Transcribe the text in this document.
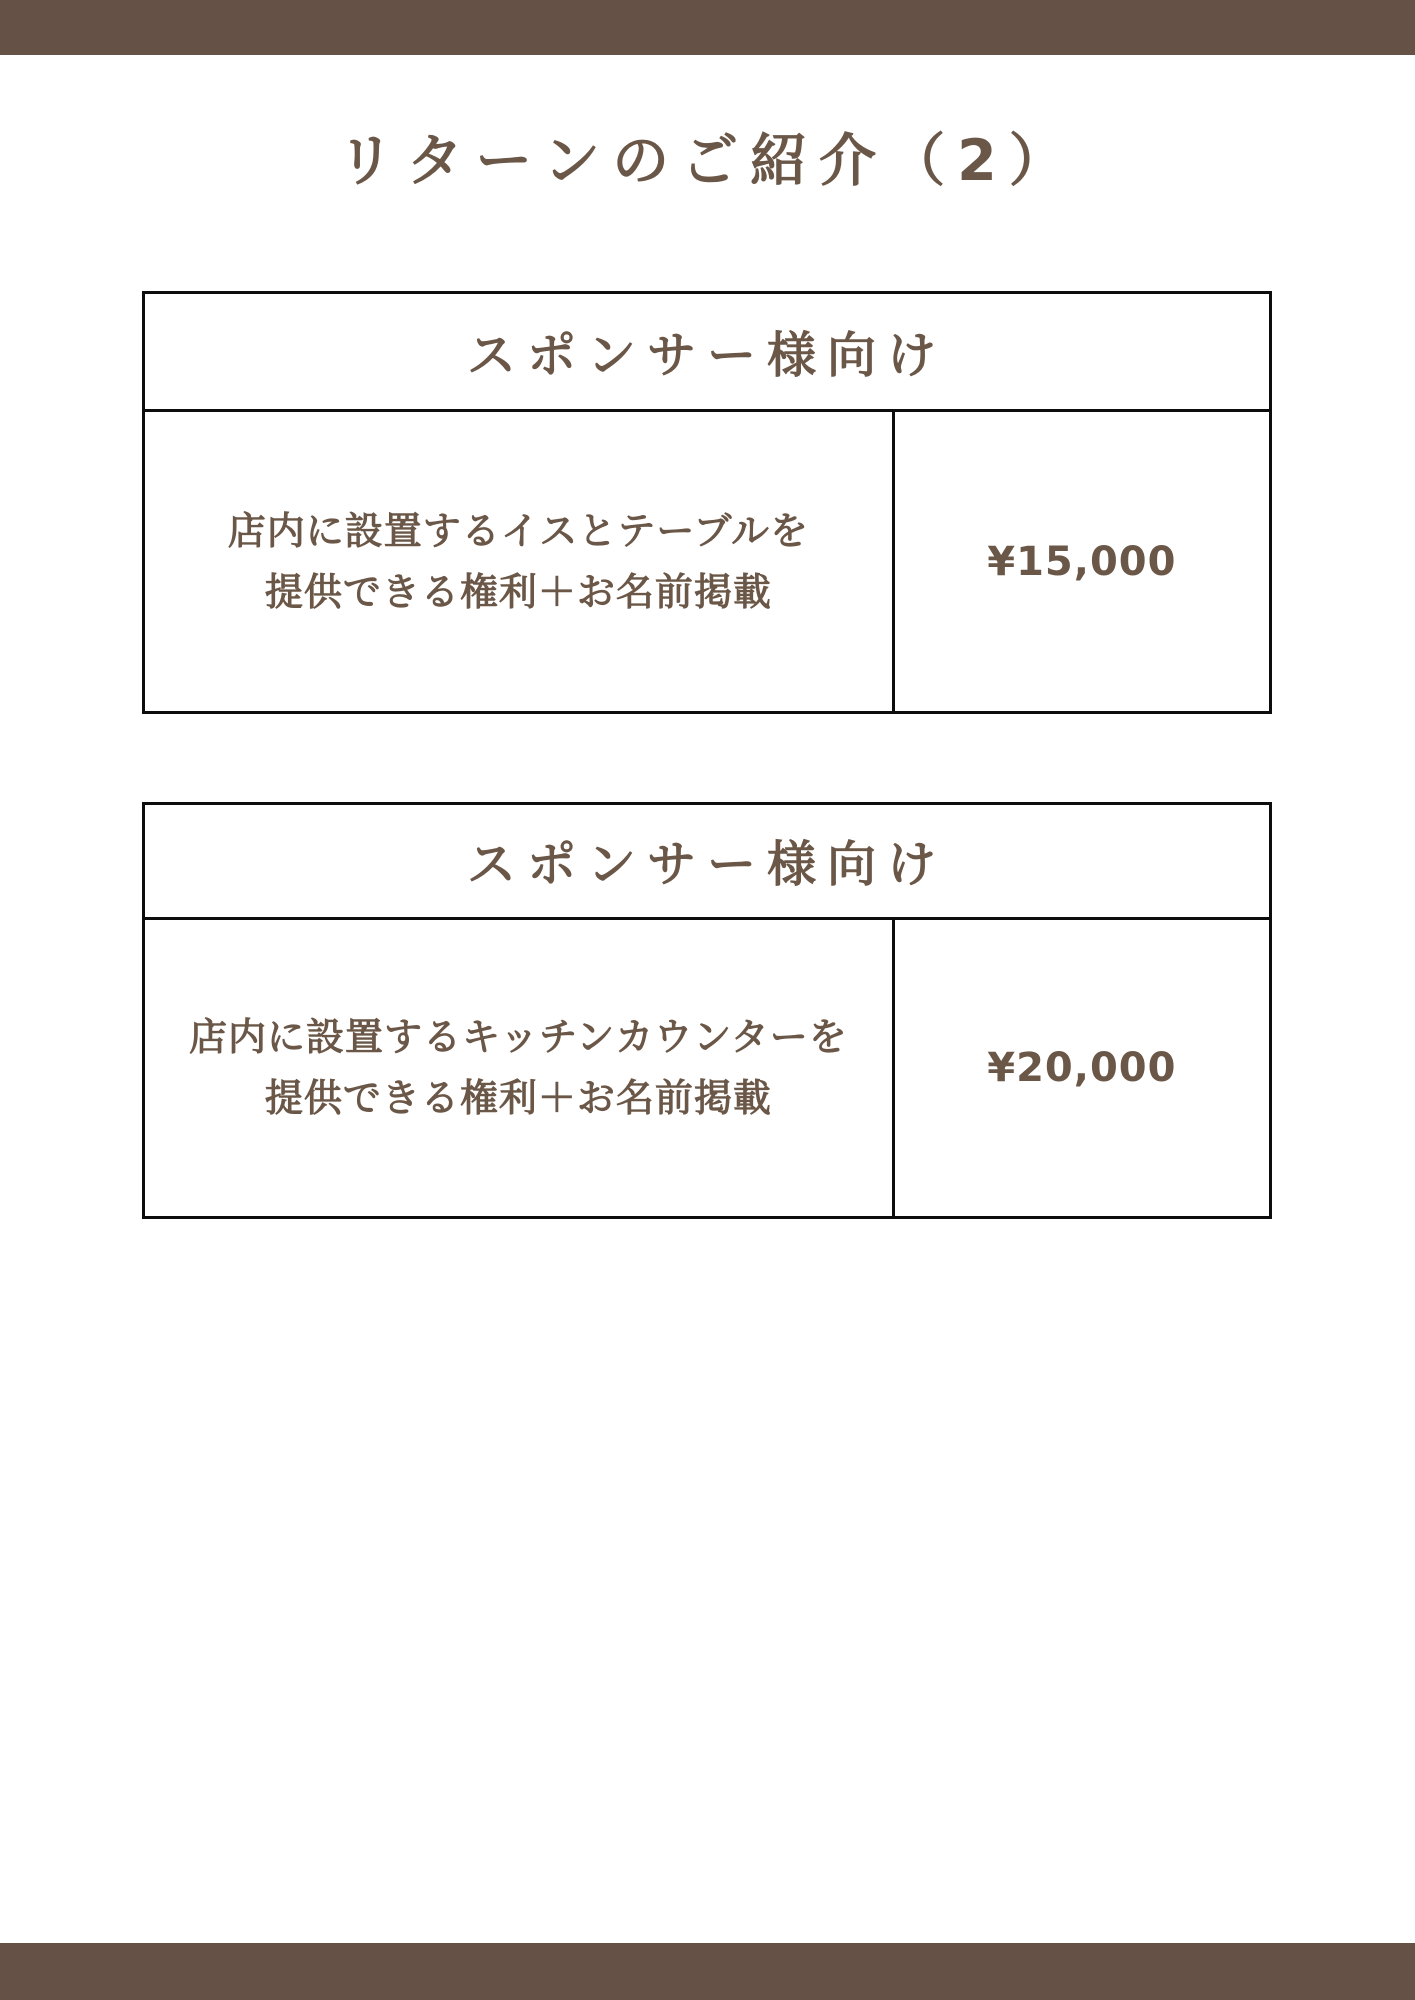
リターンのご紹介（2）
スポンサー様向け
店内に設置するイスとテーブルを
提供できる権利＋お名前掲載
¥15,000
スポンサー様向け
店内に設置するキッチンカウンターを
提供できる権利＋お名前掲載
¥20,000
